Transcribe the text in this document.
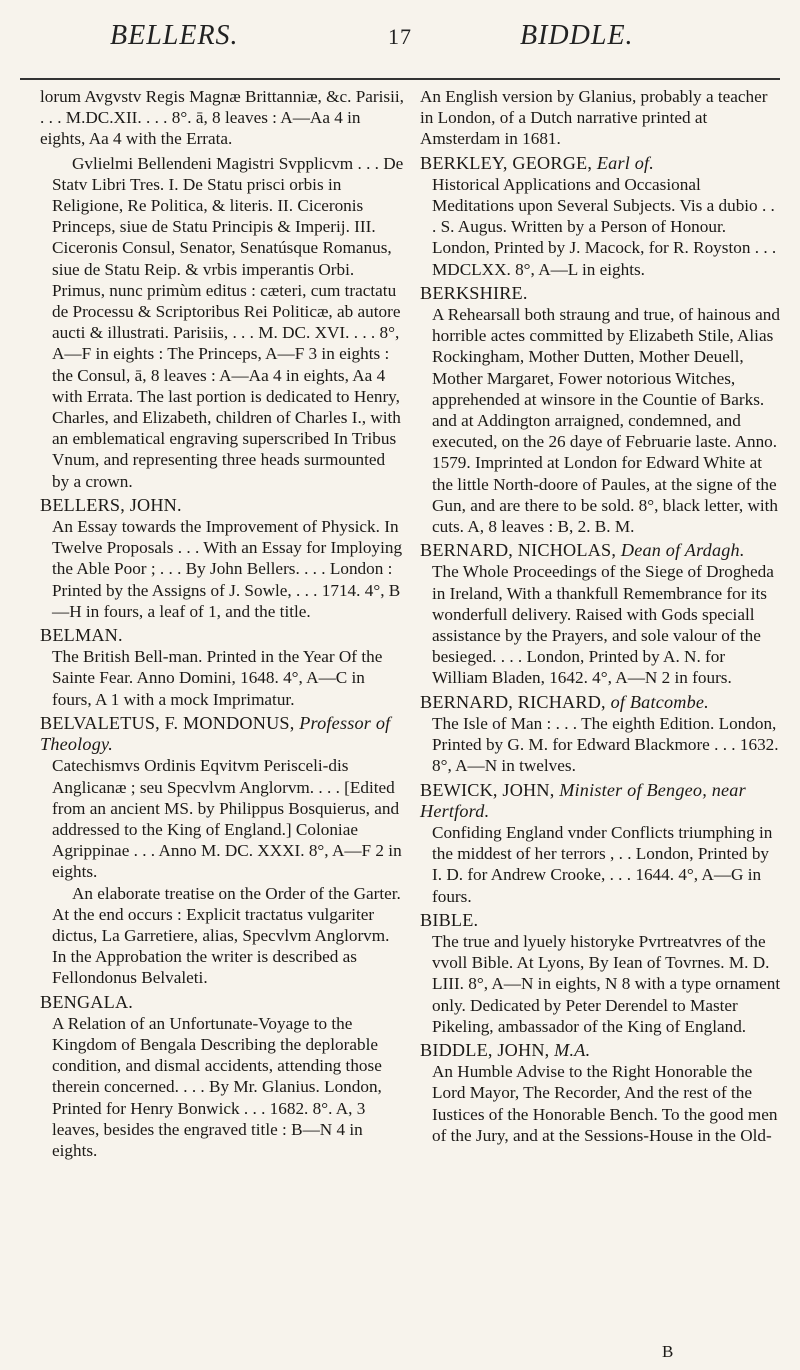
BELLERS.	17	BIDDLE.

lorum Avgvstv Regis Magnæ Brittanniæ, &c. Parisii, . . . M.DC.XII. . . . 8°. ā, 8 leaves : A—Aa 4 in eights, Aa 4 with the Errata.

Gvlielmi Bellendeni Magistri Svpplicvm . . . De Statv Libri Tres. I. De Statu prisci orbis in Religione, Re Politica, & literis. II. Ciceronis Princeps, siue de Statu Principis & Imperij. III. Ciceronis Consul, Senator, Senatúsque Romanus, siue de Statu Reip. & vrbis imperantis Orbi. Primus, nunc primùm editus : cæteri, cum tractatu de Processu & Scriptoribus Rei Politicæ, ab autore aucti & illustrati. Parisiis, . . . M. DC. XVI. . . . 8°, A—F in eights : The Princeps, A—F 3 in eights : the Consul, ā, 8 leaves : A—Aa 4 in eights, Aa 4 with Errata. The last portion is dedicated to Henry, Charles, and Elizabeth, children of Charles I., with an emblematical engraving superscribed In Tribus Vnum, and representing three heads surmounted by a crown.

BELLERS, JOHN.

An Essay towards the Improvement of Physick. In Twelve Proposals . . . With an Essay for Imploying the Able Poor ; . . . By John Bellers. . . . London : Printed by the Assigns of J. Sowle, . . . 1714. 4°, B—H in fours, a leaf of 1, and the title.

BELMAN.

The British Bell-man. Printed in the Year Of the Sainte Fear. Anno Domini, 1648. 4°, A—C in fours, A 1 with a mock Imprimatur.

BELVALETUS, F. MONDONUS, Professor of Theology.

Catechismvs Ordinis Eqvitvm Perisceli-dis Anglicanæ ; seu Specvlvm Anglorvm. . . . [Edited from an ancient MS. by Philippus Bosquierus, and addressed to the King of England.] Coloniae Agrippinae . . . Anno M. DC. XXXI. 8°, A—F 2 in eights.

An elaborate treatise on the Order of the Garter. At the end occurs : Explicit tractatus vulgariter dictus, La Garretiere, alias, Specvlvm Anglorvm. In the Approbation the writer is described as Fellondonus Belvaleti.

BENGALA.

A Relation of an Unfortunate-Voyage to the Kingdom of Bengala Describing the deplorable condition, and dismal accidents, attending those therein concerned. . . . By Mr. Glanius. London, Printed for Henry Bonwick . . . 1682. 8°. A, 3 leaves, besides the engraved title : B—N 4 in eights.

An English version by Glanius, probably a teacher in London, of a Dutch narrative printed at Amsterdam in 1681.

BERKLEY, GEORGE, Earl of.

Historical Applications and Occasional Meditations upon Several Subjects. Vis a dubio . . . S. Augus. Written by a Person of Honour. London, Printed by J. Macock, for R. Royston . . . MDCLXX. 8°, A—L in eights.

BERKSHIRE.

A Rehearsall both straung and true, of hainous and horrible actes committed by Elizabeth Stile, Alias Rockingham, Mother Dutten, Mother Deuell, Mother Margaret, Fower notorious Witches, apprehended at winsore in the Countie of Barks. and at Addington arraigned, condemned, and executed, on the 26 daye of Februarie laste. Anno. 1579. Imprinted at London for Edward White at the little North-doore of Paules, at the signe of the Gun, and are there to be sold. 8°, black letter, with cuts. A, 8 leaves : B, 2. B. M.

BERNARD, NICHOLAS, Dean of Ardagh.

The Whole Proceedings of the Siege of Drogheda in Ireland, With a thankfull Remembrance for its wonderfull delivery. Raised with Gods speciall assistance by the Prayers, and sole valour of the besieged. . . . London, Printed by A. N. for William Bladen, 1642. 4°, A—N 2 in fours.

BERNARD, RICHARD, of Batcombe.

The Isle of Man : . . . The eighth Edition. London, Printed by G. M. for Edward Blackmore . . . 1632. 8°, A—N in twelves.

BEWICK, JOHN, Minister of Bengeo, near Hertford.

Confiding England vnder Conflicts triumphing in the middest of her terrors , . . London, Printed by I. D. for Andrew Crooke, . . . 1644. 4°, A—G in fours.

BIBLE.

The true and lyuely historyke Pvrtreatvres of the vvoll Bible. At Lyons, By Iean of Tovrnes. M. D. LIII. 8°, A—N in eights, N 8 with a type ornament only. Dedicated by Peter Derendel to Master Pikeling, ambassador of the King of England.

BIDDLE, JOHN, M.A.

An Humble Advise to the Right Honorable the Lord Mayor, The Recorder, And the rest of the Iustices of the Honorable Bench. To the good men of the Jury, and at the Sessions-House in the Old-

B
